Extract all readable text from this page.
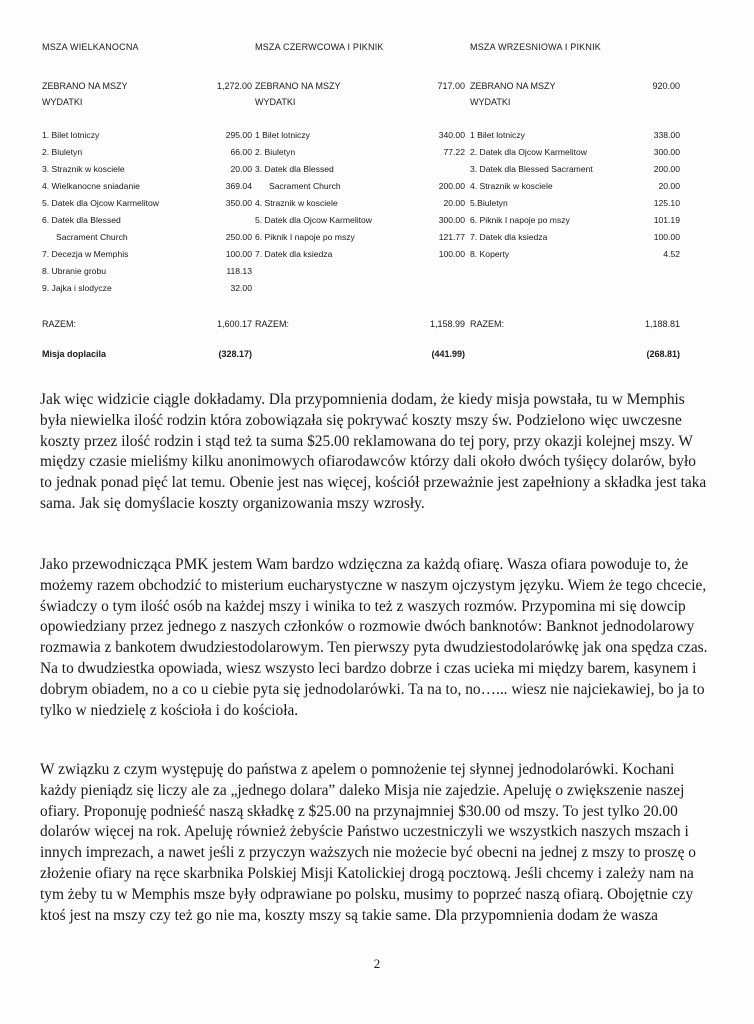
MSZA WIELKANOCNA	MSZA CZERWCOWA I PIKNIK	MSZA WRZESNIOWA I PIKNIK
ZEBRANO NA MSZY	1,272.00
WYDATKI
ZEBRANO NA MSZY	717.00
WYDATKI
ZEBRANO NA MSZY	920.00
WYDATKI
1. Bilet lotniczy	295.00
2. Biuletyn	66.00
3. Straznik w kosciele	20.00
4. Wielkanocne sniadanie	369.04
5. Datek dla Ojcow Karmelitow	350.00
6. Datek dla Blessed
Sacrament Church	250.00
7. Decezja w Memphis	100.00
8. Ubranie grobu	118.13
9. Jajka i slodycze	32.00
1 Bilet lotniczy	340.00
2. Biuletyn	77.22
3. Datek dla Blessed
Sacrament Church	200.00
4. Straznik w kosciele	20.00
5. Datek dla Ojcow Karmelitow	300.00
6. Piknik I napoje po mszy	121.77
7. Datek dla ksiedza	100.00
1 Bilet lotniczy	338.00
2. Datek dla Ojcow Karmelitow	300.00
3. Datek dla Blessed Sacrament	200.00
4. Straznik w kosciele	20.00
5.Biuletyn	125.10
6. Piknik I napoje po mszy	101.19
7. Datek dla ksiedza	100.00
8. Koperty	4.52
RAZEM:	1,600.17 RAZEM:	1,158.99 RAZEM:	1,188.81
Misja doplacila	(328.17)	(441.99)	(268.81)

Jak więc widzicie ciągle dokładamy. Dla przypomnienia dodam, że kiedy misja powstała, tu w Memphis była niewielka ilość rodzin która zobowiązała się pokrywać koszty mszy św. Podzielono więc uwczesne koszty przez ilość rodzin i stąd też ta suma $25.00 reklamowana do tej pory, przy okazji kolejnej mszy. W między czasie mieliśmy kilku anonimowych ofiarodawców którzy dali około dwóch tyśięcy dolarów, było to jednak ponad pięć lat temu. Obenie jest nas więcej, kościół przeważnie jest zapełniony a składka jest taka sama. Jak się domyślacie koszty organizowania mszy wzrosły.

Jako przewodnicząca PMK jestem Wam bardzo wdzięczna za każdą ofiarę. Wasza ofiara powoduje to, że możemy razem obchodzić to misterium eucharystyczne w naszym ojczystym języku. Wiem że tego chcecie, świadczy o tym ilość osób na każdej mszy i winika to też z waszych rozmów. Przypomina mi się dowcip opowiedziany przez jednego z naszych członków o rozmowie dwóch banknotów: Banknot jednodolarowy rozmawia z bankotem dwudziestodolarowym. Ten pierwszy pyta dwudziestodolarówkę jak ona spędza czas. Na to dwudziestka opowiada, wiesz wszysto leci bardzo dobrze i czas ucieka mi między barem, kasynem i dobrym obiadem, no a co u ciebie pyta się jednodolarówki. Ta na to, no…... wiesz nie najciekawiej, bo ja to tylko w niedzielę z kościoła i do kościoła.

W związku z czym występuję do państwa z apelem o pomnożenie tej słynnej jednodolarówki. Kochani każdy pieniądz się liczy ale za „jednego dolara” daleko Misja nie zajedzie. Apeluję o zwiększenie naszej ofiary. Proponuję podnieść naszą składkę z $25.00 na przynajmniej $30.00 od mszy. To jest tylko 20.00 dolarów więcej na rok. Apeluję również żebyście Państwo uczestniczyli we wszystkich naszych mszach i innych imprezach, a nawet jeśli z przyczyn waższych nie możecie być obecni na jednej z mszy to proszę o złożenie ofiary na ręce skarbnika Polskiej Misji Katolickiej drogą pocztową. Jeśli chcemy i zależy nam na tym żeby tu w Memphis msze były odprawiane po polsku, musimy to poprzeć naszą ofiarą. Obojętnie czy ktoś jest na mszy czy też go nie ma, koszty mszy są takie same. Dla przypomnienia dodam że wasza

2
